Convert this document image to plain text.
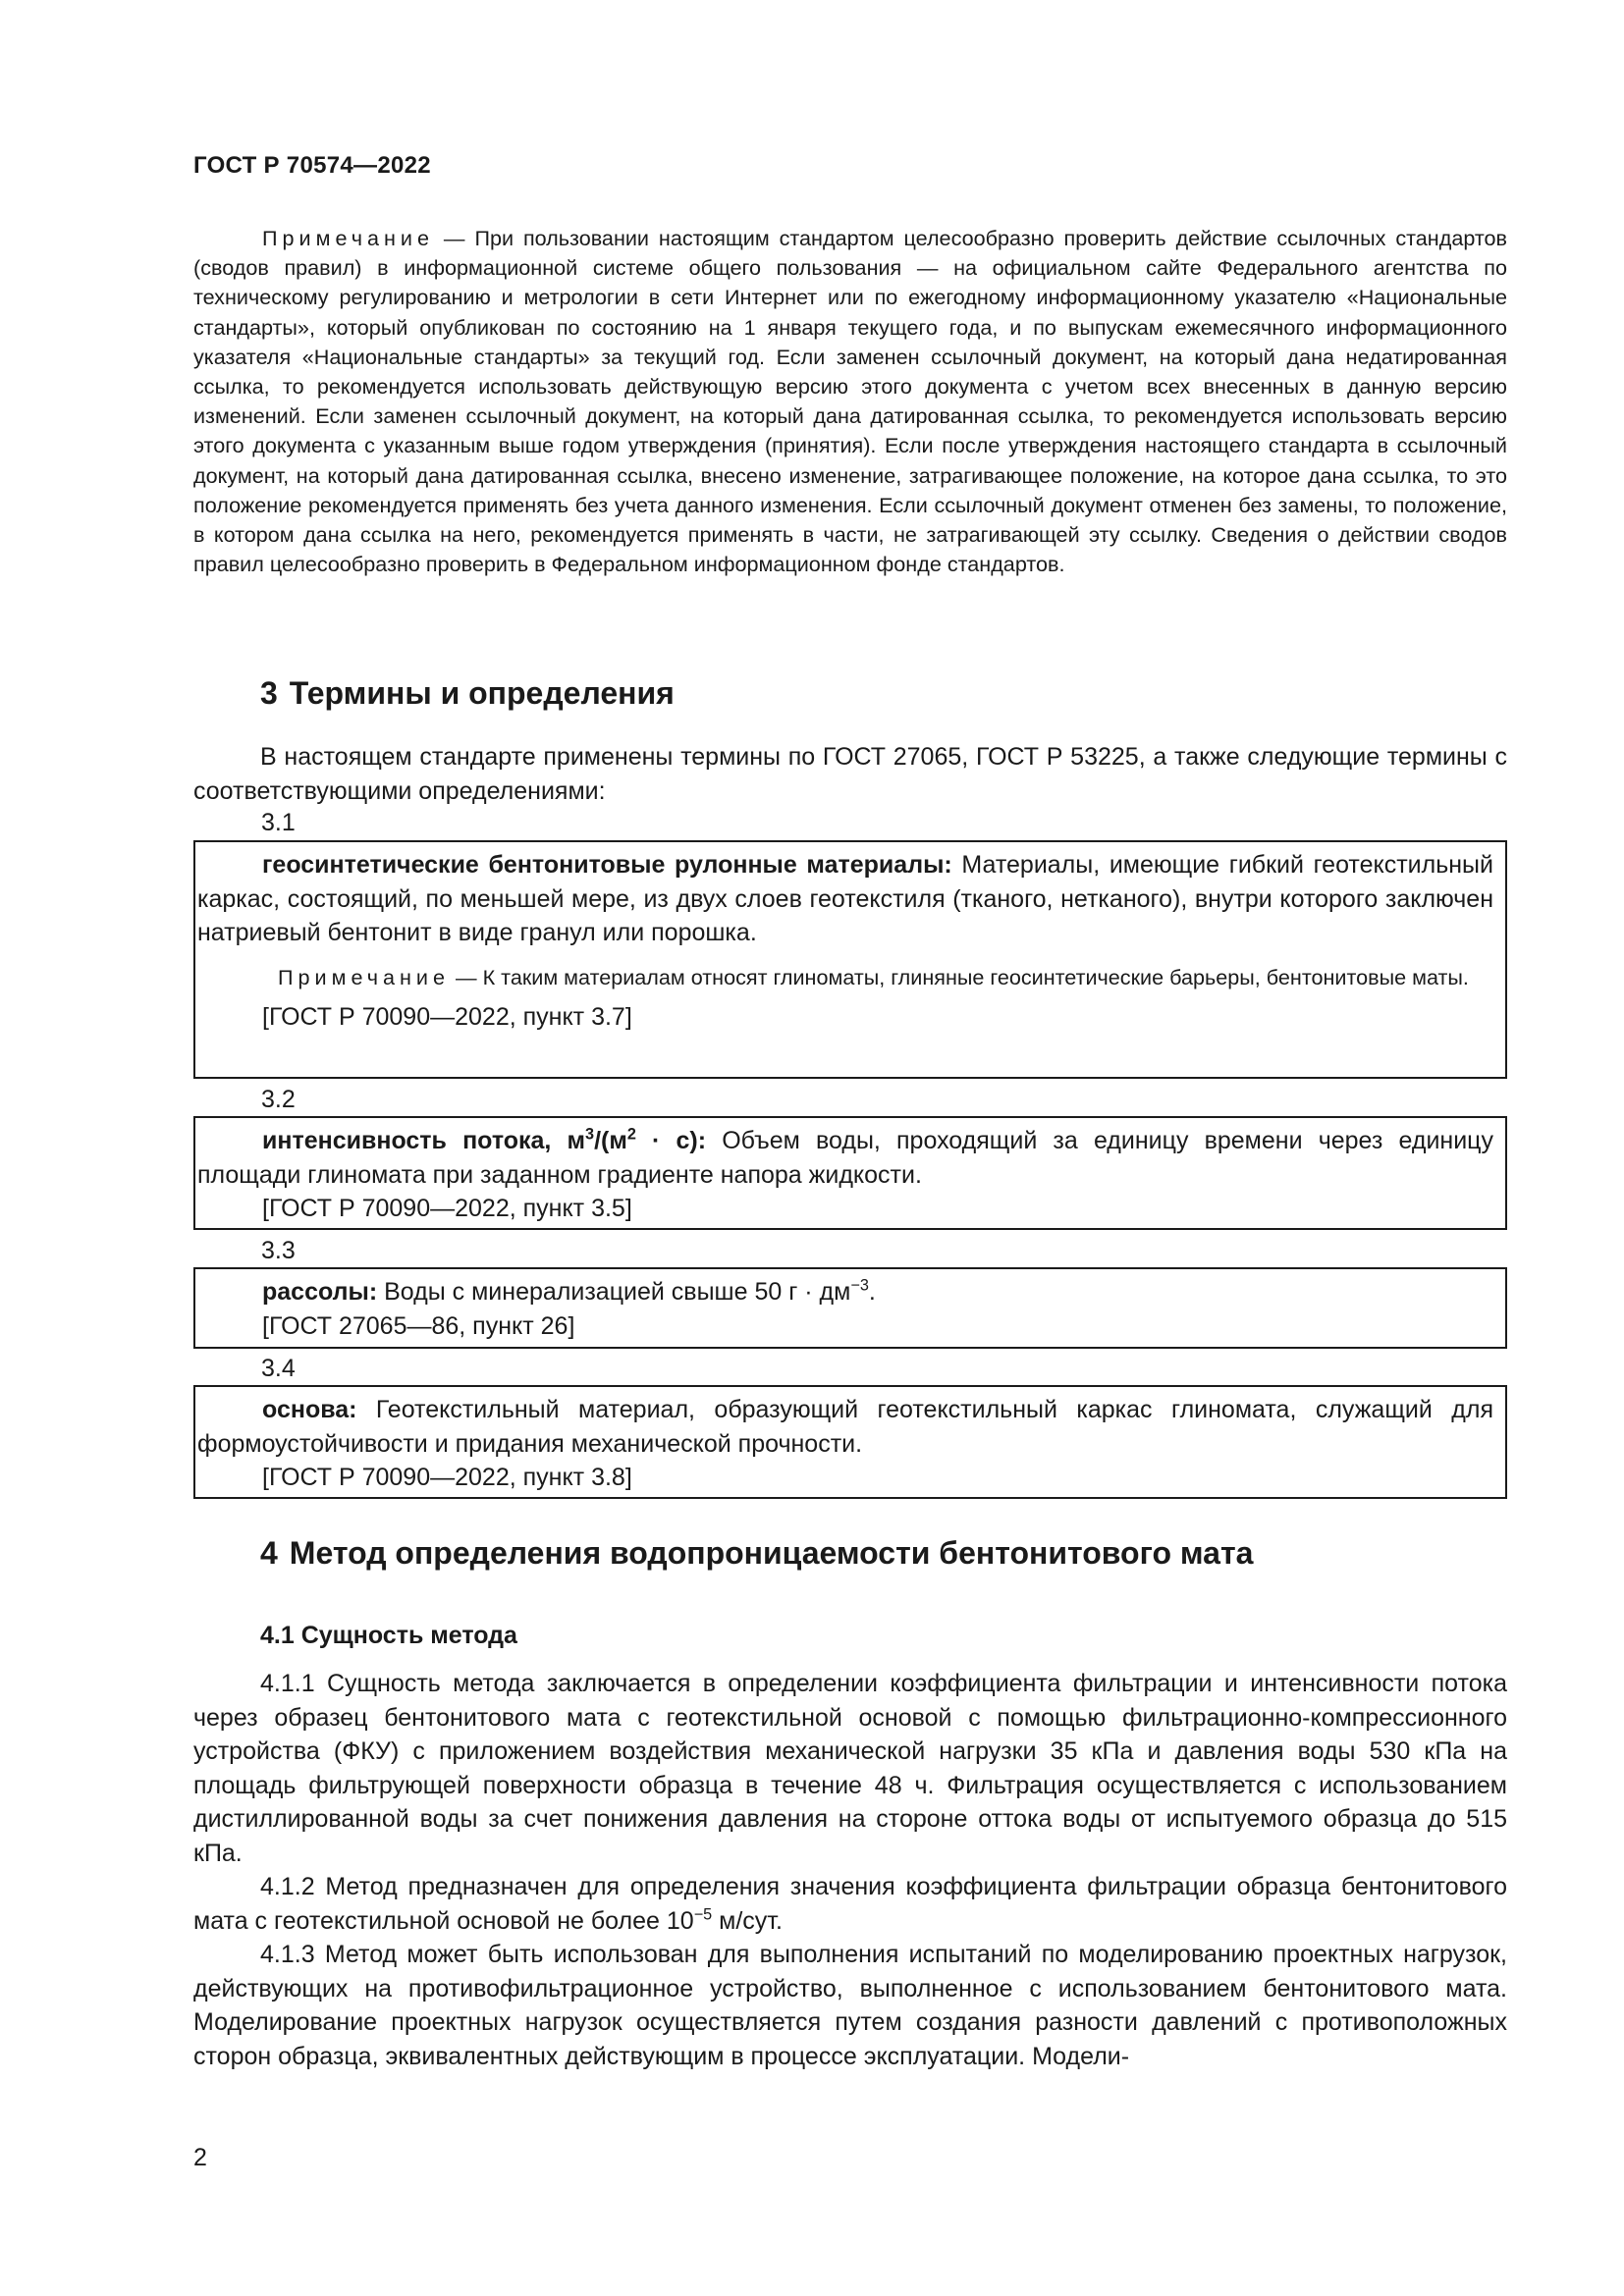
ГОСТ Р 70574—2022
Примечание — При пользовании настоящим стандартом целесообразно проверить действие ссылочных стандартов (сводов правил) в информационной системе общего пользования — на официальном сайте Федерального агентства по техническому регулированию и метрологии в сети Интернет или по ежегодному информационному указателю «Национальные стандарты», который опубликован по состоянию на 1 января текущего года, и по выпускам ежемесячного информационного указателя «Национальные стандарты» за текущий год. Если заменен ссылочный документ, на который дана недатированная ссылка, то рекомендуется использовать действующую версию этого документа с учетом всех внесенных в данную версию изменений. Если заменен ссылочный документ, на который дана датированная ссылка, то рекомендуется использовать версию этого документа с указанным выше годом утверждения (принятия). Если после утверждения настоящего стандарта в ссылочный документ, на который дана датированная ссылка, внесено изменение, затрагивающее положение, на которое дана ссылка, то это положение рекомендуется применять без учета данного изменения. Если ссылочный документ отменен без замены, то положение, в котором дана ссылка на него, рекомендуется применять в части, не затрагивающей эту ссылку. Сведения о действии сводов правил целесообразно проверить в Федеральном информационном фонде стандартов.
3 Термины и определения
В настоящем стандарте применены термины по ГОСТ 27065, ГОСТ Р 53225, а также следующие термины с соответствующими определениями:
3.1
геосинтетические бентонитовые рулонные материалы: Материалы, имеющие гибкий геотекстильный каркас, состоящий, по меньшей мере, из двух слоев геотекстиля (тканого, нетканого), внутри которого заключен натриевый бентонит в виде гранул или порошка.
Примечание — К таким материалам относят глиноматы, глиняные геосинтетические барьеры, бентонитовые маты.
[ГОСТ Р 70090—2022, пункт 3.7]
3.2
интенсивность потока, $м^3/(м^2 \cdot с)$: Объем воды, проходящий за единицу времени через единицу площади глиномата при заданном градиенте напора жидкости.
[ГОСТ Р 70090—2022, пункт 3.5]
3.3
рассолы: Воды с минерализацией свыше 50 $г \cdot дм^{-3}$.
[ГОСТ 27065—86, пункт 26]
3.4
основа: Геотекстильный материал, образующий геотекстильный каркас глиномата, служащий для формоустойчивости и придания механической прочности.
[ГОСТ Р 70090—2022, пункт 3.8]
4 Метод определения водопроницаемости бентонитового мата
4.1 Сущность метода
4.1.1 Сущность метода заключается в определении коэффициента фильтрации и интенсивности потока через образец бентонитового мата с геотекстильной основой с помощью фильтрационно-компрессионного устройства (ФКУ) с приложением воздействия механической нагрузки 35 кПа и давления воды 530 кПа на площадь фильтрующей поверхности образца в течение 48 ч. Фильтрация осуществляется с использованием дистиллированной воды за счет понижения давления на стороне оттока воды от испытуемого образца до 515 кПа.
4.1.2 Метод предназначен для определения значения коэффициента фильтрации образца бентонитового мата с геотекстильной основой не более $10^{-5}$ м/сут.
4.1.3 Метод может быть использован для выполнения испытаний по моделированию проектных нагрузок, действующих на противофильтрационное устройство, выполненное с использованием бентонитового мата. Моделирование проектных нагрузок осуществляется путем создания разности давлений с противоположных сторон образца, эквивалентных действующим в процессе эксплуатации. Модели-
2
